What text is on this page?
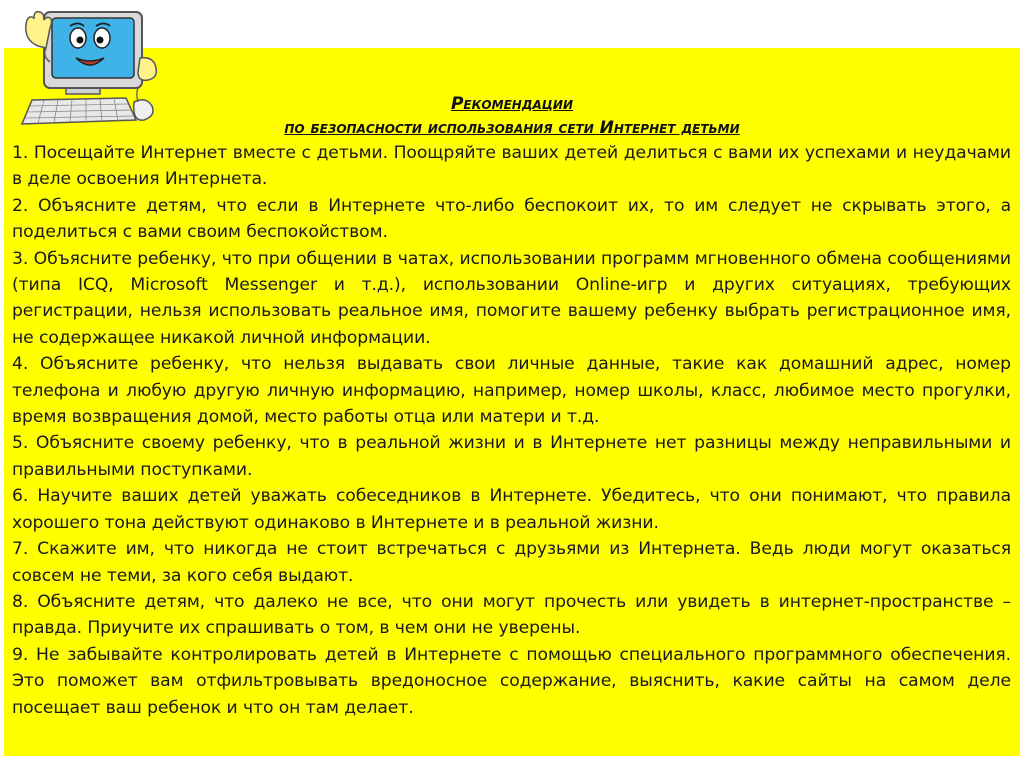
Рекомендации
по безопасности использования сети Интернет детьми

1. Посещайте Интернет вместе с детьми. Поощряйте ваших детей делиться с вами их успехами и неудачами в деле освоения Интернета.

2. Объясните детям, что если в Интернете что-либо беспокоит их, то им следует не скрывать этого, а поделиться с вами своим беспокойством.

3. Объясните ребенку, что при общении в чатах, использовании программ мгновенного обмена сообщениями (типа ICQ, Microsoft Messenger и т.д.), использовании Online-игр и других ситуациях, требующих регистрации, нельзя использовать реальное имя, помогите вашему ребенку выбрать регистрационное имя, не содержащее никакой личной информации.

4. Объясните ребенку, что нельзя выдавать свои личные данные, такие как домашний адрес, номер телефона и любую другую личную информацию, например, номер школы, класс, любимое место прогулки, время возвращения домой, место работы отца или матери и т.д.

5. Объясните своему ребенку, что в реальной жизни и в Интернете нет разницы между неправильными и правильными поступками.

6. Научите ваших детей уважать собеседников в Интернете. Убедитесь, что они понимают, что правила хорошего тона действуют одинаково в Интернете и в реальной жизни.

7. Скажите им, что никогда не стоит встречаться с друзьями из Интернета. Ведь люди могут оказаться совсем не теми, за кого себя выдают.

8. Объясните детям, что далеко не все, что они могут прочесть или увидеть в интернет-пространстве – правда. Приучите их спрашивать о том, в чем они не уверены.

9. Не забывайте контролировать детей в Интернете с помощью специального программного обеспечения. Это поможет вам отфильтровывать вредоносное содержание, выяснить, какие сайты на самом деле посещает ваш ребенок и что он там делает.
